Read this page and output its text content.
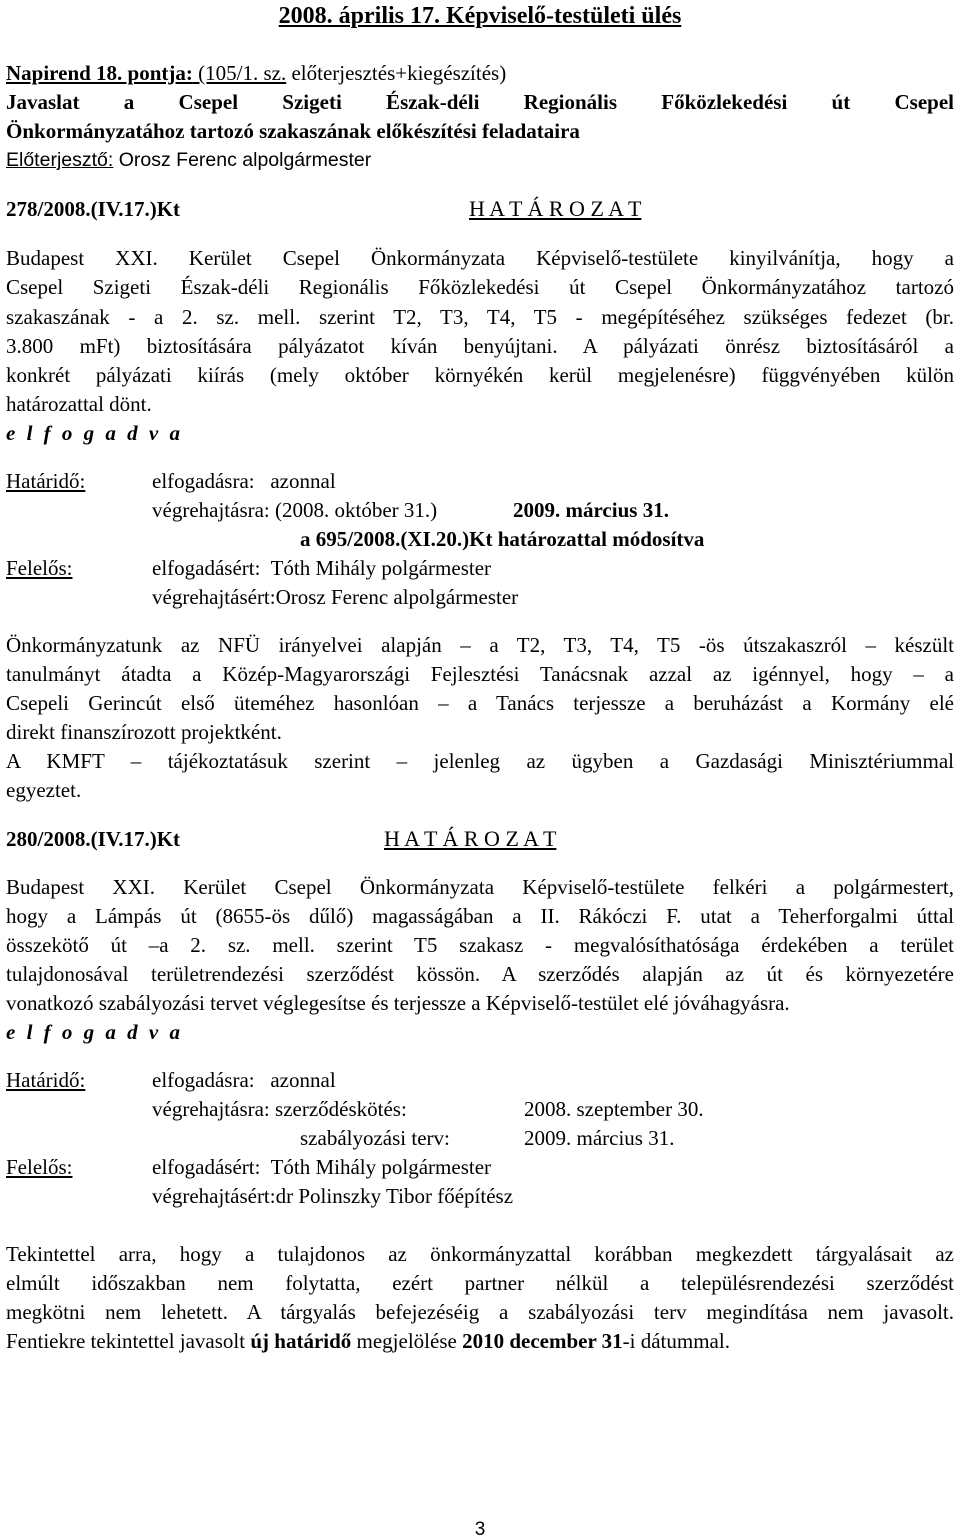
2008. április 17. Képviselő-testületi ülés
Napirend 18. pontja: (105/1. sz. előterjesztés+kiegészítés)
Javaslat a Csepel Szigeti Észak-déli Regionális Főközlekedési út Csepel
Önkormányzatához tartozó szakaszának előkészítési feladataira
Előterjesztő: Orosz Ferenc alpolgármester
278/2008.(IV.17.)Kt	H A T Á R O Z A T
Budapest XXI. Kerület Csepel Önkormányzata Képviselő-testülete kinyilvánítja, hogy a
Csepel Szigeti Észak-déli Regionális Főközlekedési út Csepel Önkormányzatához tartozó
szakaszának - a 2. sz. mell. szerint T2, T3, T4, T5 - megépítéséhez szükséges fedezet (br.
3.800 mFt) biztosítására pályázatot kíván benyújtani. A pályázati önrész biztosításáról a
konkrét pályázati kiírás (mely október környékén kerül megjelenésre) függvényében külön
határozattal dönt.
e l f o g a d v a
Határidő:	elfogadásra:   azonnal
végrehajtásra: (2008. október 31.)	2009. március 31.
a 695/2008.(XI.20.)Kt határozattal módosítva
Felelős:	elfogadásért:  Tóth Mihály polgármester
végrehajtásért:Orosz Ferenc alpolgármester
Önkormányzatunk az NFÜ irányelvei alapján – a T2, T3, T4, T5 -ös útszakaszról – készült
tanulmányt átadta a Közép-Magyarországi Fejlesztési Tanácsnak azzal az igénnyel, hogy – a
Csepeli Gerincút első üteméhez hasonlóan – a Tanács terjessze a beruházást a Kormány elé
direkt finanszírozott projektként.
A KMFT – tájékoztatásuk szerint – jelenleg az ügyben a Gazdasági Minisztériummal
egyeztet.
280/2008.(IV.17.)Kt	H A T Á R O Z A T
Budapest XXI. Kerület Csepel Önkormányzata Képviselő-testülete felkéri a polgármestert,
hogy a Lámpás út (8655-ös dűlő) magasságában a II. Rákóczi F. utat a Teherforgalmi úttal
összekötő út –a 2. sz. mell. szerint T5 szakasz - megvalósíthatósága érdekében a terület
tulajdonosával területrendezési szerződést kössön. A szerződés alapján az út és környezetére
vonatkozó szabályozási tervet véglegesítse és terjessze a Képviselő-testület elé jóváhagyásra.
e l f o g a d v a
Határidő:	elfogadásra:   azonnal
végrehajtásra: szerződéskötés:	2008. szeptember 30.
szabályozási terv:	2009. március 31.
Felelős:	elfogadásért:  Tóth Mihály polgármester
végrehajtásért:dr Polinszky Tibor főépítész
Tekintettel arra, hogy a tulajdonos az önkormányzattal korábban megkezdett tárgyalásait az
elmúlt időszakban nem folytatta, ezért partner nélkül a településrendezési szerződést
megkötni nem lehetett. A tárgyalás befejezéséig a szabályozási terv megindítása nem javasolt.
Fentiekre tekintettel javasolt új határidő megjelölése 2010 december 31-i dátummal.
3
